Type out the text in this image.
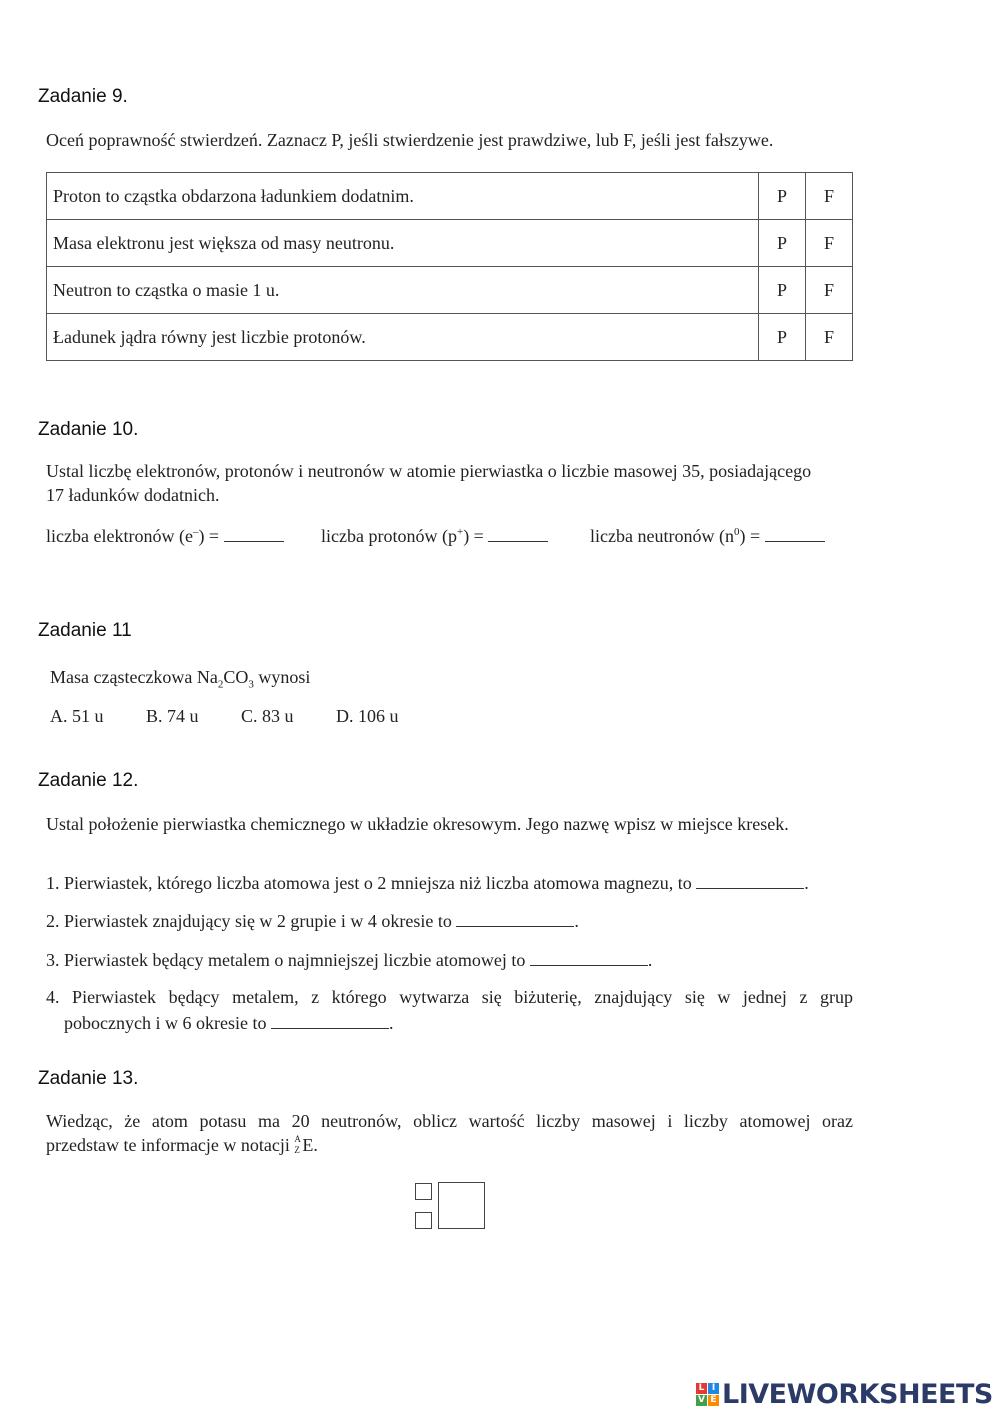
Zadanie 9.
Oceń poprawność stwierdzeń. Zaznacz P, jeśli stwierdzenie jest prawdziwe, lub F, jeśli jest fałszywe.
Proton to cząstka obdarzona ładunkiem dodatnim.	P	F
Masa elektronu jest większa od masy neutronu.	P	F
Neutron to cząstka o masie 1 u.	P	F
Ładunek jądra równy jest liczbie protonów.	P	F
Zadanie 10.
Ustal liczbę elektronów, protonów i neutronów w atomie pierwiastka o liczbie masowej 35, posiadającego
17 ładunków dodatnich.
liczba elektronów (e–) =	liczba protonów (p+) =	liczba neutronów $(n^0)$ =
Zadanie 11
Masa cząsteczkowa $Na_2CO_3$ wynosi
A. 51 u B. 74 u C. 83 u D. 106 u
Zadanie 12.
Ustal położenie pierwiastka chemicznego w układzie okresowym. Jego nazwę wpisz w miejsce kresek.
1. Pierwiastek, którego liczba atomowa jest o 2 mniejsza niż liczba atomowa magnezu, to	.
2. Pierwiastek znajdujący się w 2 grupie i w 4 okresie to	.
3. Pierwiastek będący metalem o najmniejszej liczbie atomowej to	.
4. Pierwiastek będący metalem, z którego wytwarza się biżuterię, znajdujący się w jednej z grup
pobocznych i w 6 okresie to	.
Zadanie 13.
Wiedząc, że atom potasu ma 20 neutronów, oblicz wartość liczby masowej i liczby atomowej oraz
przedstaw te informacje w notacji A
Z E.
L I
V E LIVEWORKSHEETS
